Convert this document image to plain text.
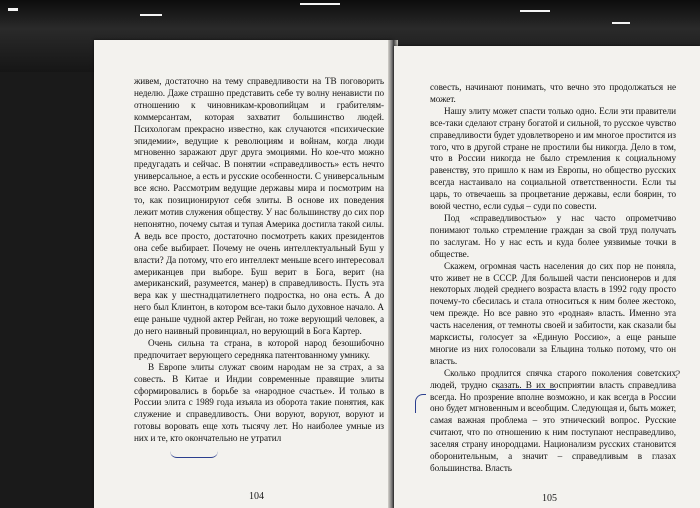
живем, достаточно на тему справедливости на ТВ поговорить неделю. Даже страшно представить себе ту волну ненависти по отношению к чиновникам-кровопийцам и грабителям-коммерсантам, которая захватит большинство людей. Психологам прекрасно известно, как случаются «психические эпидемии», ведущие к революциям и войнам, когда люди мгновенно заражают друг друга эмоциями. Но кое-что можно предугадать и сейчас. В понятии «справедливость» есть нечто универсальное, а есть и русские особенности. С универсальным все ясно. Рассмотрим ведущие державы мира и посмотрим на то, как позиционируют себя элиты. В основе их поведения лежит мотив служения обществу. У нас большинству до сих пор непонятно, почему сытая и тупая Америка достигла такой силы. А ведь все просто, достаточно посмотреть каких президентов она себе выбирает. Почему не очень интеллектуальный Буш у власти? Да потому, что его интеллект меньше всего интересовал американцев при выборе. Буш верит в Бога, верит (на американский, разумеется, манер) в справедливость. Пусть эта вера как у шестнадцатилетнего подростка, но она есть. А до него был Клинтон, в котором все-таки было духовное начало. А еще раньше чудной актер Рейган, но тоже верующий человек, а до него наивный провинциал, но верующий в Бога Картер.

Очень сильна та страна, в которой народ безошибочно предпочитает верующего середняка патентованному умнику.

В Европе элиты служат своим народам не за страх, а за совесть. В Китае и Индии современные правящие элиты сформировались в борьбе за «народное счастье». И только в России элита с 1989 года изъяла из оборота такие понятия, как служение и справедливость. Они воруют, воруют, воруют и готовы воровать еще хоть тысячу лет. Но наиболее умные из них и те, кто окончательно не утратил

104

совесть, начинают понимать, что вечно это продолжаться не может.

Нашу элиту может спасти только одно. Если эти правители все-таки сделают страну богатой и сильной, то русское чувство справедливости будет удовлетворено и им многое простится из того, что в другой стране не простили бы никогда. Дело в том, что в России никогда не было стремления к социальному равенству, это пришло к нам из Европы, но общество русских всегда настаивало на социальной ответственности. Если ты царь, то отвечаешь за процветание державы, если боярин, то воюй честно, если судья – суди по совести.

Под «справедливостью» у нас часто опрометчиво понимают только стремление граждан за свой труд получать по заслугам. Но у нас есть и куда более уязвимые точки в обществе.

Скажем, огромная часть населения до сих пор не поняла, что живет не в СССР. Для большей части пенсионеров и для некоторых людей среднего возраста власть в 1992 году просто почему-то сбесилась и стала относиться к ним более жестоко, чем прежде. Но все равно это «родная» власть. Именно эта часть населения, от темноты своей и забитости, как сказали бы марксисты, голосует за «Единую Россию», а еще раньше многие из них голосовали за Ельцина только потому, что он власть.

Сколько продлится спячка старого поколения советских людей, трудно сказать. В их восприятии власть справедлива всегда. Но прозрение вполне возможно, и как всегда в России оно будет мгновенным и всеобщим. Следующая и, быть может, самая важная проблема – это этнический вопрос. Русские считают, что по отношению к ним поступают несправедливо, заселяя страну инородцами. Национализм русских становится оборонительным, а значит – справедливым в глазах большинства. Власть

105
?
